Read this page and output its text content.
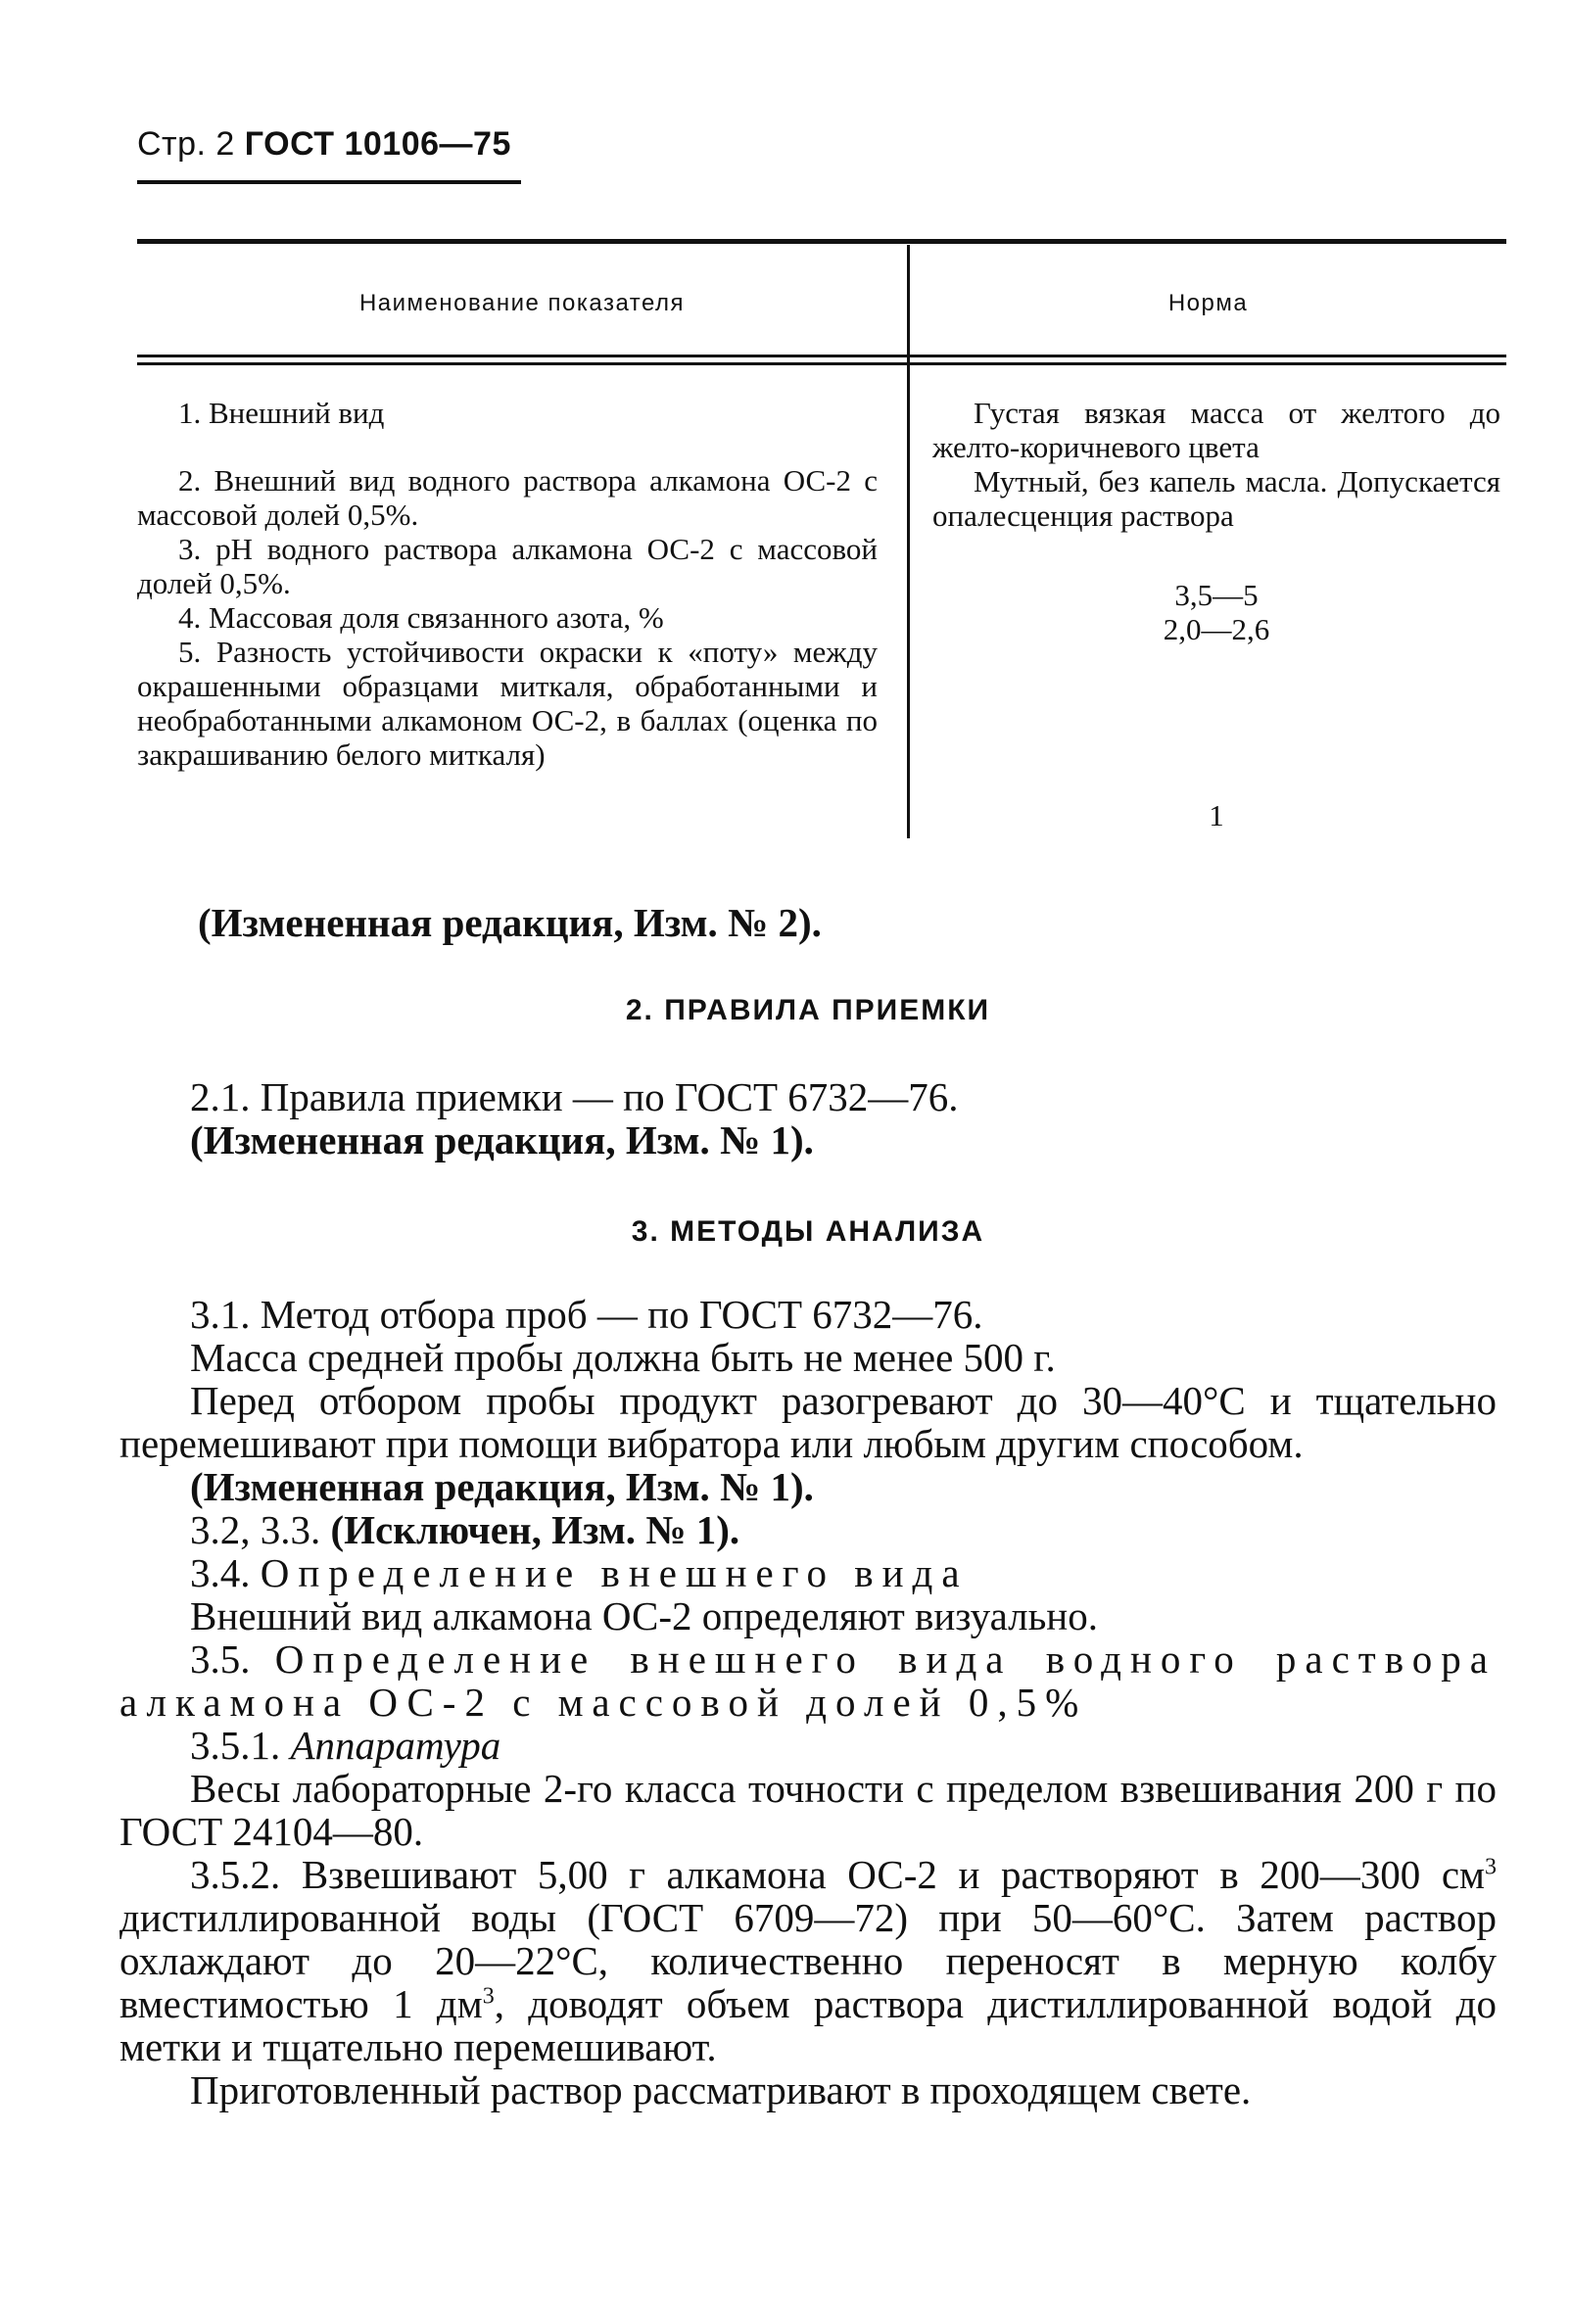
Стр. 2 ГОСТ 10106—75
Наименование показателя	Норма

1. Внешний вид

2. Внешний вид водного раствора алкамона ОС-2 с массовой долей 0,5%.

3. pH водного раствора алкамона ОС-2 с массовой долей 0,5%.

4. Массовая доля связанного азота, %

5. Разность устойчивости окраски к «поту» между окрашенными образцами миткаля, обработанными и необработанными алкамоном ОС-2, в баллах (оценка по закрашиванию белого миткаля)

Густая вязкая масса от желтого до желто-коричневого цвета

Мутный, без капель масла. Допускается опалесценция раствора

3,5—5

2,0—2,6

1

(Измененная редакция, Изм. № 2).

2. ПРАВИЛА ПРИЕМКИ

2.1. Правила приемки — по ГОСТ 6732—76.

(Измененная редакция, Изм. № 1).

3. МЕТОДЫ АНАЛИЗА

3.1. Метод отбора проб — по ГОСТ 6732—76.

Масса средней пробы должна быть не менее 500 г.

Перед отбором пробы продукт разогревают до 30—40°С и тщательно перемешивают при помощи вибратора или любым другим способом.

(Измененная редакция, Изм. № 1).

3.2, 3.3. (Исключен, Изм. № 1).

3.4. Определение внешнего вида

Внешний вид алкамона ОС-2 определяют визуально.

3.5. Определение внешнего вида водного раствора алкамона ОС-2 с массовой долей 0,5%

3.5.1. Аппаратура

Весы лабораторные 2-го класса точности с пределом взвешивания 200 г по ГОСТ 24104—80.

3.5.2. Взвешивают 5,00 г алкамона ОС-2 и растворяют в 200—300 $см^3$ дистиллированной воды (ГОСТ 6709—72) при 50—60°С. Затем раствор охлаждают до 20—22°С, количественно переносят в мерную колбу вместимостью 1 $дм^3$, доводят объем раствора дистиллированной водой до метки и тщательно перемешивают.

Приготовленный раствор рассматривают в проходящем свете.
